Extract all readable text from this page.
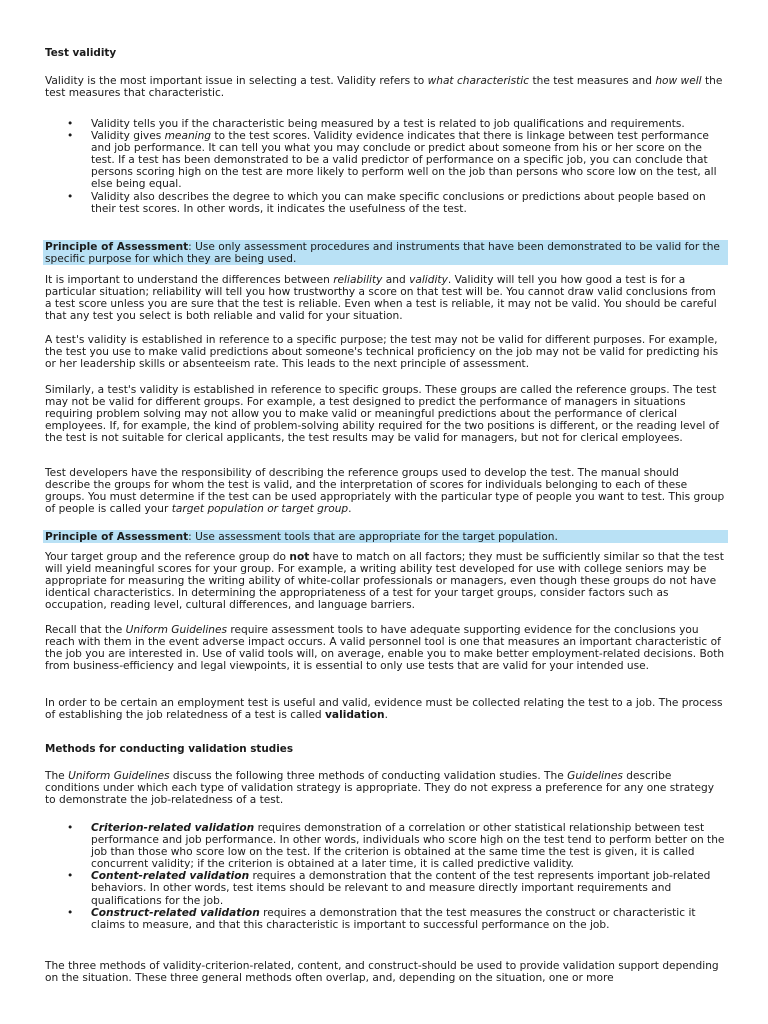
Test validity

Validity is the most important issue in selecting a test. Validity refers to what characteristic the test measures and how well the test measures that characteristic.

• Validity tells you if the characteristic being measured by a test is related to job qualifications and requirements.
• Validity gives meaning to the test scores. Validity evidence indicates that there is linkage between test performance and job performance. It can tell you what you may conclude or predict about someone from his or her score on the test. If a test has been demonstrated to be a valid predictor of performance on a specific job, you can conclude that persons scoring high on the test are more likely to perform well on the job than persons who score low on the test, all else being equal.
• Validity also describes the degree to which you can make specific conclusions or predictions about people based on their test scores. In other words, it indicates the usefulness of the test.

Principle of Assessment: Use only assessment procedures and instruments that have been demonstrated to be valid for the specific purpose for which they are being used.

It is important to understand the differences between reliability and validity. Validity will tell you how good a test is for a particular situation; reliability will tell you how trustworthy a score on that test will be. You cannot draw valid conclusions from a test score unless you are sure that the test is reliable. Even when a test is reliable, it may not be valid. You should be careful that any test you select is both reliable and valid for your situation.

A test's validity is established in reference to a specific purpose; the test may not be valid for different purposes. For example, the test you use to make valid predictions about someone's technical proficiency on the job may not be valid for predicting his or her leadership skills or absenteeism rate. This leads to the next principle of assessment.

Similarly, a test's validity is established in reference to specific groups. These groups are called the reference groups. The test may not be valid for different groups. For example, a test designed to predict the performance of managers in situations requiring problem solving may not allow you to make valid or meaningful predictions about the performance of clerical employees. If, for example, the kind of problem-solving ability required for the two positions is different, or the reading level of the test is not suitable for clerical applicants, the test results may be valid for managers, but not for clerical employees.

Test developers have the responsibility of describing the reference groups used to develop the test. The manual should describe the groups for whom the test is valid, and the interpretation of scores for individuals belonging to each of these groups. You must determine if the test can be used appropriately with the particular type of people you want to test. This group of people is called your target population or target group.

Principle of Assessment: Use assessment tools that are appropriate for the target population.

Your target group and the reference group do not have to match on all factors; they must be sufficiently similar so that the test will yield meaningful scores for your group. For example, a writing ability test developed for use with college seniors may be appropriate for measuring the writing ability of white-collar professionals or managers, even though these groups do not have identical characteristics. In determining the appropriateness of a test for your target groups, consider factors such as occupation, reading level, cultural differences, and language barriers.

Recall that the Uniform Guidelines require assessment tools to have adequate supporting evidence for the conclusions you reach with them in the event adverse impact occurs. A valid personnel tool is one that measures an important characteristic of the job you are interested in. Use of valid tools will, on average, enable you to make better employment-related decisions. Both from business-efficiency and legal viewpoints, it is essential to only use tests that are valid for your intended use.

In order to be certain an employment test is useful and valid, evidence must be collected relating the test to a job. The process of establishing the job relatedness of a test is called validation.

Methods for conducting validation studies

The Uniform Guidelines discuss the following three methods of conducting validation studies. The Guidelines describe conditions under which each type of validation strategy is appropriate. They do not express a preference for any one strategy to demonstrate the job-relatedness of a test.

• Criterion-related validation requires demonstration of a correlation or other statistical relationship between test performance and job performance. In other words, individuals who score high on the test tend to perform better on the job than those who score low on the test. If the criterion is obtained at the same time the test is given, it is called concurrent validity; if the criterion is obtained at a later time, it is called predictive validity.
• Content-related validation requires a demonstration that the content of the test represents important job-related behaviors. In other words, test items should be relevant to and measure directly important requirements and qualifications for the job.
• Construct-related validation requires a demonstration that the test measures the construct or characteristic it claims to measure, and that this characteristic is important to successful performance on the job.

The three methods of validity-criterion-related, content, and construct-should be used to provide validation support depending on the situation. These three general methods often overlap, and, depending on the situation, one or more
